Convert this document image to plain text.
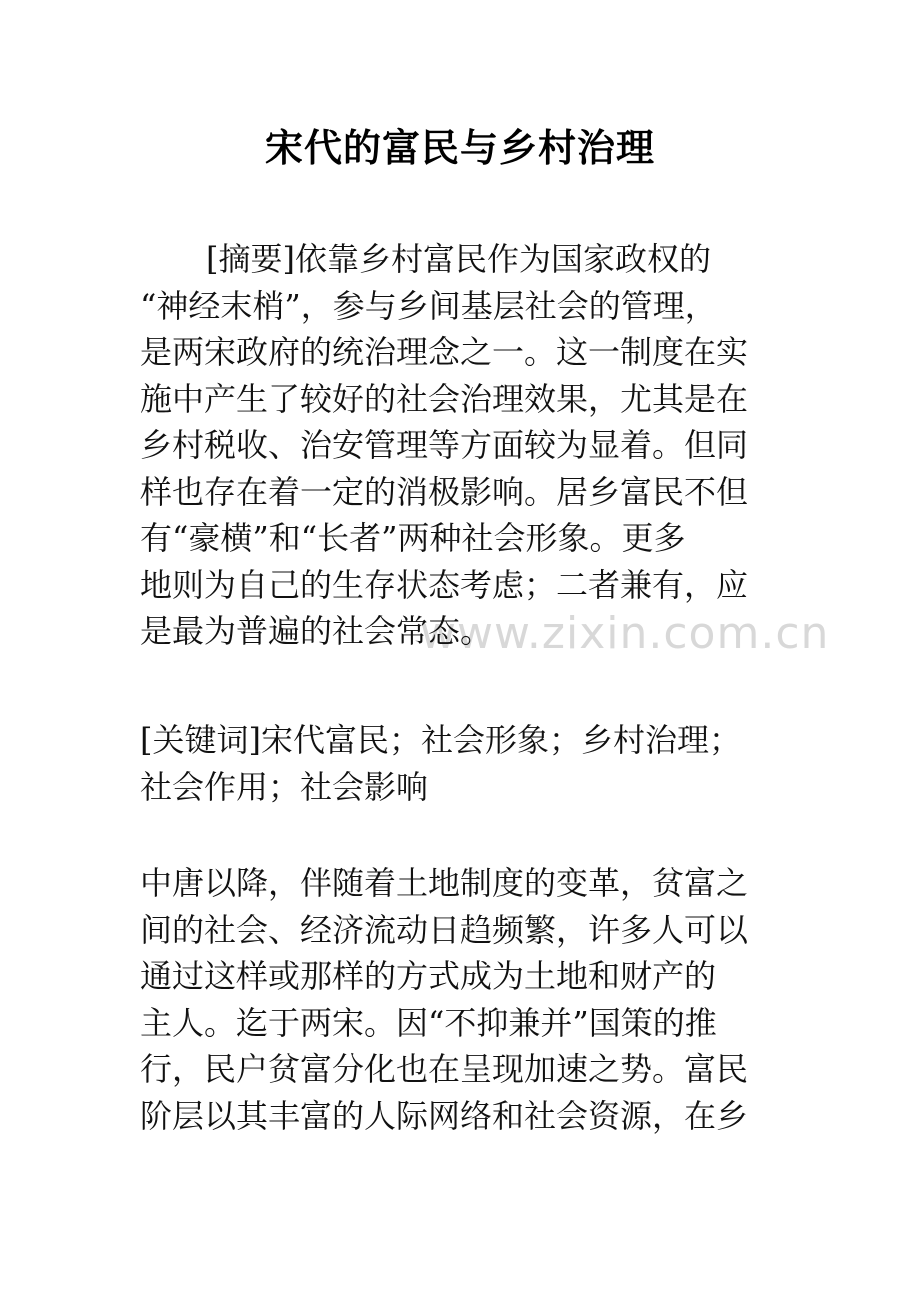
www.zixin.com.cn
宋代的富民与乡村治理
[摘要]依靠乡村富民作为国家政权的
“神经末梢”，参与乡间基层社会的管理，
是两宋政府的统治理念之一。这一制度在实
施中产生了较好的社会治理效果，尤其是在
乡村税收、治安管理等方面较为显着。但同
样也存在着一定的消极影响。居乡富民不但
有“豪横”和“长者”两种社会形象。更多
地则为自己的生存状态考虑；二者兼有，应
是最为普遍的社会常态。
[关键词]宋代富民；社会形象；乡村治理；
社会作用；社会影响
中唐以降，伴随着土地制度的变革，贫富之
间的社会、经济流动日趋频繁，许多人可以
通过这样或那样的方式成为土地和财产的
主人。迄于两宋。因“不抑兼并”国策的推
行，民户贫富分化也在呈现加速之势。富民
阶层以其丰富的人际网络和社会资源，在乡
